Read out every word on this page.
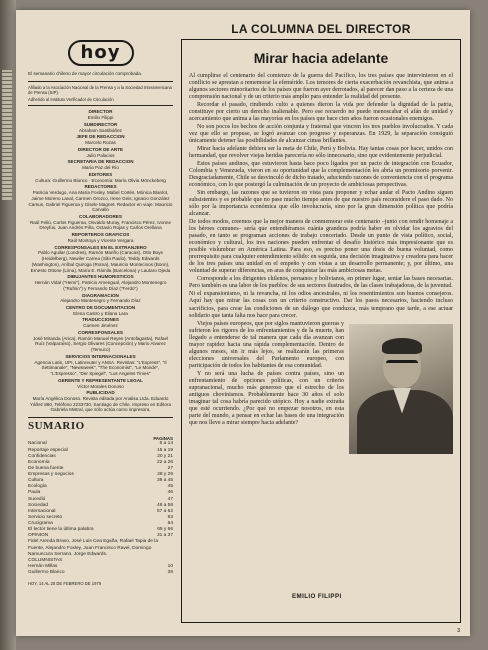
hoy
El semanario chileno de mayor circulación comprobada.
Afiliado a la Asociación Nacional de la Prensa y a la Sociedad Interamericana de Prensa (SIP).
Adherido al Instituto Verificador de Circulación
DIRECTOR
Emilio Filippi
SUBDIRECTOR
Abraham Santibáñez
JEFE DE REDACCION
Marcelo Rozas
DIRECTOR DE ARTE
Julio Palacios
SECRETARIA DE REDACCION
María Paz del Río
EDITORES
Cultura: Guillermo Blanco · Economía: María Olivia Mönckeberg
REDACTORES
Patricia Verdugo, Ana María Foxley, Mabel Cortés, Mónica Blanlot, Jaime Moreno Laval, Carmen Orozco, Irene Geis, Ignacio González Camus, Gabriel Figueroa y Gisele Magnet. Redactor en viaje: Mauricio Carvallo
COLABORADORES
Raúl Feliú, Carlos Figueroa, Osvaldo Muray, Francisco Pérez, Ivonne Dreyfus, Juan Andrés Piña, Octavio Rojas y Carlos Orellana
REPORTEROS GRAFICOS
Raúl Montoya y Vicente Vergara
CORRESPONSALES EN EL EXTRANJERO
Pablo Aguilar (Londres), Ramón Mariño (Caracas), Otto Boye (Heidelberg), Newiler Carrea (São Paulo), Teddy Edwards (Washington), Aníbal Quiroga (Roma), Mauricio Montecinos (Bonn), Ernesto Ottone (Lima), María E. Rámila (Barcelona) y Lautaro Ojeda
DIBUJANTES HUMORISTICOS
Hernán Vidal ("Hervi"), Patricio Amengual, Alejandro Montenegro ("Rufino") y Fernando Díaz ("Ferdo")
DIAGRAMACION
Alejandro Montenegro y Fernando Díaz
CENTRO DE DOCUMENTACION
Elena Castro y Eliana Lara
TRADUCCIONES
Carmen Jiménez
CORRESPONSALES
José Miranda (Arica), Ramón Manuel Reyes (Antofagasta), Rafael Ruíz (Valparaíso), Sergio Olivares (Concepción) y Mario Alvarez (Temuco)
SERVICIOS INTERNACIONALES
Agencia Latin, UPI, Latinreuter y ANSA. Revistas: "L'Express", "Il Settimanale", "Newsweek", "The Economist", "Le Monde", "L'Espresso", "Der Spiegel", "Los Angeles Times"
GERENTE Y REPRESENTANTE LEGAL
Víctor Morales Donoso
PUBLICIDAD
María Angélica Donoso. Revista editada por Analisa Ltda. Eduardo Yáñez 880, Teléfono 2233730, Santiago de Chile. Impreso en Editora Gabriela Mistral, que sólo actúa como impresora.
SUMARIO
PAGINAS
Nacional	6 a 14
Reportaje especial	15 a 19
Confidencias	20 y 21
Economía	22 a 26
De buena fuente	27
Empresas y negocios	28 y 29
Cultura	39 a 45
Ecología	45
Paula	46
Sucedió	47
Sociedad	48 a 58
Internacional	57 a 62
Servicio secreto	63
Crucigrama	64
El lector tiene la última palabra	65 y 66
OPINION	31 a 37
Fidel Arenda Bravo, José Luis Cea Egaña, Rafael Tapia de la Fuente, Alejandro Foxley, Juan Francisco Ravel, Domingo Namuncura Serrano, Jorge Edwards.
COLUMNISTAS
Hernán Millas	10
Guillermo Blanco	38
HOY, 14 AL 20 DE FEBRERO DE 1979
LA COLUMNA DEL DIRECTOR
Mirar hacia adelante

Al cumplirse el centenario del comienzo de la guerra del Pacífico, los tres países que intervinieron en el conflicto se aprestan a rememorar la efeméride. Los temores de cierta exacerbación revanchista, que anima a algunos sectores minoritarios de los países que fueron ayer derrotados, al parecer dan paso a la certeza de una comprensión nacional y de un criterio más amplio para entender la realidad del presente.

Recordar el pasado, rindiendo culto a quienes dieron la vida por defender la dignidad de la patria, constituye por cierto un derecho inalienable. Pero ese recuerdo no puede menoscabar el afán de unidad y acercamiento que anima a las mayorías en los países que hace cien años fueron ocasionales enemigos.

No son pocos los bechos de acción conjunta y fraternal que vincren los tres pueblos involucrados. Y cada vez que ello se propuse, se logró avanzar con progreso y esperanzas. En 1929, la separación consiguió únicamente detener las posibilidades de alcanzar cimas brillantes.

Mirar hacia adelante debiera ser la meta de Chile, Perú y Bolivia. Hay tantas cosas por hacer, unidos con hermandad, que revolver viejas heridas parecería no sólo innecesario, sino que evidentemente perjudicial.

Estos países andinos, que estuvieron hasta hace poco ligados por un pacto de integración con Ecuador, Colombia y Venezuela, vieron en su oportunidad que la complementación les abría un promisorio porvenir. Desgraciadamente, Chile se desvinculó de dicho tratado, aduciendo razones de conveniencia con el programa económico, con lo que postergó la culminación de un proyecto de ambiciosas perspectivas.

Sin embargo, las razones que se tuvieron en vista para proponer y echar andar el Pacto Andino siguen subsistentes y es probable que no pase mucho tiempo antes de que nuestro país reconsidere el paso dado. No sólo por la importancia económica que ello involucraría, sino por la gran dimensión política que podría alcanzar.

De todos modos, creemos que la mejor manera de conmemorar este centenario –junto con rendir homenaje a los héroes comunes– sería que entendiéramos cuánta grandeza podría haber en olvidar los agravios del pasado, en tanto se programan acciones de trabajo concertado. Desde un punto de vista político, social, económico y cultural, los tres naciones pueden enfrentar el desafío histórico más impresionante que es posible vislumbrar en América Latina. Para eso, es preciso poner una dosis de buena voluntad, como prerrequisito para cualquier entendimiento sólido: en seguida, una decisión imaginativa y creadora para hacer de los tres países una unidad en el empeño y con vistas a un desarrollo permanente; y, por último, una voluntad de superar diferencias, en aras de conquistar las más ambiciosas metas.

Corresponde a los dirigentes chilenos, peruanos y bolivianos, en primer lugar, sentar las bases necesarias. Pero también es una labor de los pueblos: de sus sectores ilustrados, de las clases trabajadoras, de la juventud.

Ni el expansionismo, ni la revancha, ni los odios ancestrales, ni los resentimientos son buenos consejeros. Aquí hay que mirar las cosas con un criterio constructivo. Dar los pasos necesarios, haciendo incluso sacrificios, para crear las condiciones de un diálogo que conduzca, más temprano que tarde, a ese actuar solidario que tanta falta nos hace para crecer.

Viejos países europeos, que por siglos mantuvieron guerras y sufrieron los rigores de los enfrentamientos y de la muerte, han llegado a entenderse de tal manera que cada día avanzan con mayor rapidez hacia una rápida complementación. Dentro de algunos meses, sin ir más lejos, se realizarán las primeras elecciones universales del Parlamento europeo, con participación de todos los habitantes de esa comunidad.

Y no será una lucha de países contra países, sino un enfrentamiento de opciones políticas, con un criterio supranacional, mucho más generoso que el estrecho de los antiguos chovinismos. Probablemente hace 30 años el solo imaginar tal cosa habría parecido utópico. Hoy a nadie extraña que esté ocurriendo. ¿Por qué no empezar nosotros, en esta parte del mundo, a pensar en echar las bases de una integración que nos lleve a mirar siempre hacia adelante?

EMILIO FILIPPI
3
